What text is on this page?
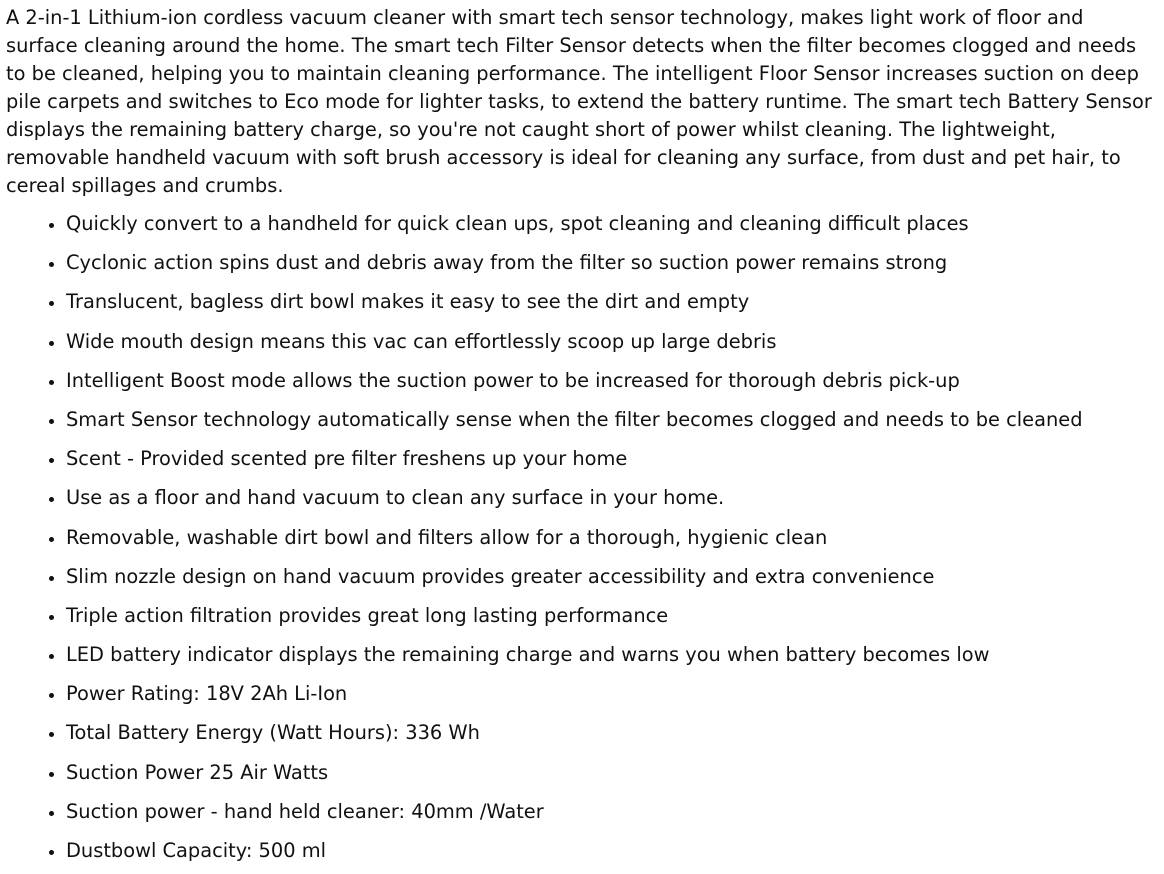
A 2-in-1 Lithium-ion cordless vacuum cleaner with smart tech sensor technology, makes light work of floor and surface cleaning around the home. The smart tech Filter Sensor detects when the filter becomes clogged and needs to be cleaned, helping you to maintain cleaning performance. The intelligent Floor Sensor increases suction on deep pile carpets and switches to Eco mode for lighter tasks, to extend the battery runtime. The smart tech Battery Sensor displays the remaining battery charge, so you're not caught short of power whilst cleaning. The lightweight, removable handheld vacuum with soft brush accessory is ideal for cleaning any surface, from dust and pet hair, to cereal spillages and crumbs.

• Quickly convert to a handheld for quick clean ups, spot cleaning and cleaning difficult places
• Cyclonic action spins dust and debris away from the filter so suction power remains strong
• Translucent, bagless dirt bowl makes it easy to see the dirt and empty
• Wide mouth design means this vac can effortlessly scoop up large debris
• Intelligent Boost mode allows the suction power to be increased for thorough debris pick-up
• Smart Sensor technology automatically sense when the filter becomes clogged and needs to be cleaned
• Scent - Provided scented pre filter freshens up your home
• Use as a floor and hand vacuum to clean any surface in your home.
• Removable, washable dirt bowl and filters allow for a thorough, hygienic clean
• Slim nozzle design on hand vacuum provides greater accessibility and extra convenience
• Triple action filtration provides great long lasting performance
• LED battery indicator displays the remaining charge and warns you when battery becomes low
• Power Rating: 18V 2Ah Li-Ion
• Total Battery Energy (Watt Hours): 336 Wh
• Suction Power 25 Air Watts
• Suction power - hand held cleaner: 40mm /Water
• Dustbowl Capacity: 500 ml
